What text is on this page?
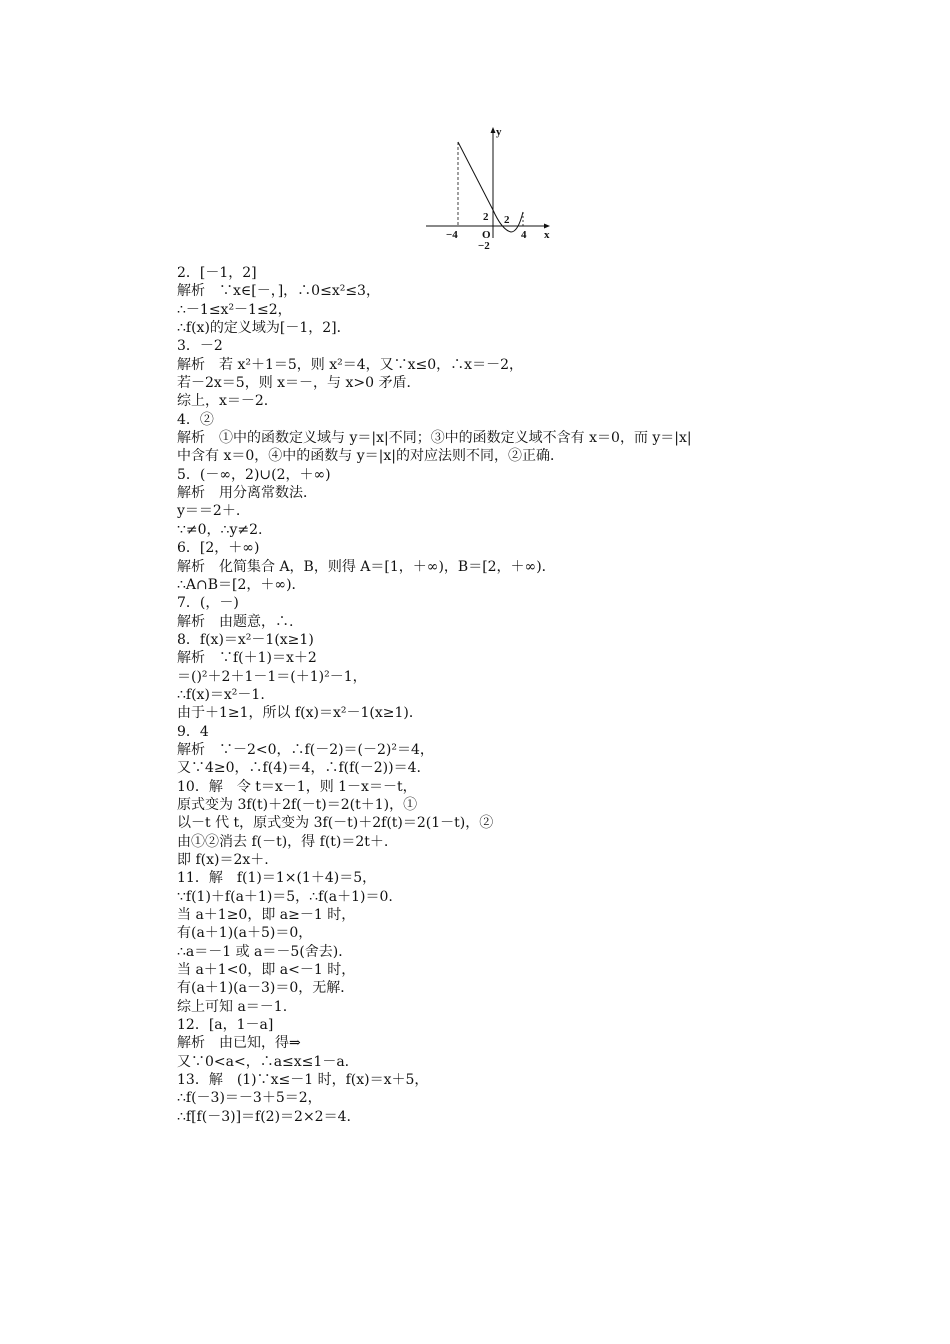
y
x
−4 O
−2
2 2
4
2．[－1，2]
解析　∵x∈[－，]，∴0≤x²≤3，
∴－1≤x²－1≤2，
∴f(x)的定义域为[－1，2]．
3．－2
解析　若 x²＋1＝5，则 x²＝4，又∵x≤0，∴x＝－2，
若－2x＝5，则 x＝－，与 x>0 矛盾．
综上，x＝－2.
4．②
解析　①中的函数定义域与 y＝|x|不同；③中的函数定义域不含有 x＝0，而 y＝|x|
中含有 x＝0，④中的函数与 y＝|x|的对应法则不同，②正确．
5．(－∞，2)∪(2，＋∞)
解析　用分离常数法．
y＝＝2＋.
∵≠0，∴y≠2.
6．[2，＋∞)
解析　化简集合 A，B，则得 A＝[1，＋∞)，B＝[2，＋∞)．
∴A∩B＝[2，＋∞)．
7．(，－)
解析　由题意，∴.
8．f(x)＝x²－1(x≥1)
解析　∵f(＋1)＝x＋2
＝()²＋2＋1－1＝(＋1)²－1，
∴f(x)＝x²－1.
由于＋1≥1，所以 f(x)＝x²－1(x≥1)．
9．4
解析　∵－2<0，∴f(－2)＝(－2)²＝4，
又∵4≥0，∴f(4)＝4，∴f(f(－2))＝4.
10．解　令 t＝x－1，则 1－x＝－t，
原式变为 3f(t)＋2f(－t)＝2(t＋1)，①
以－t 代 t，原式变为 3f(－t)＋2f(t)＝2(1－t)，②
由①②消去 f(－t)，得 f(t)＝2t＋.
即 f(x)＝2x＋.
11．解　f(1)＝1×(1＋4)＝5，
∵f(1)＋f(a＋1)＝5，∴f(a＋1)＝0.
当 a＋1≥0，即 a≥－1 时，
有(a＋1)(a＋5)＝0，
∴a＝－1 或 a＝－5(舍去)．
当 a＋1<0，即 a<－1 时，
有(a＋1)(a－3)＝0，无解．
综上可知 a＝－1.
12．[a，1－a]
解析　由已知，得⇒
又∵0<a<，∴a≤x≤1－a.
13．解　(1)∵x≤－1 时，f(x)＝x＋5，
∴f(－3)＝－3＋5＝2，
∴f[f(－3)]＝f(2)＝2×2＝4.
